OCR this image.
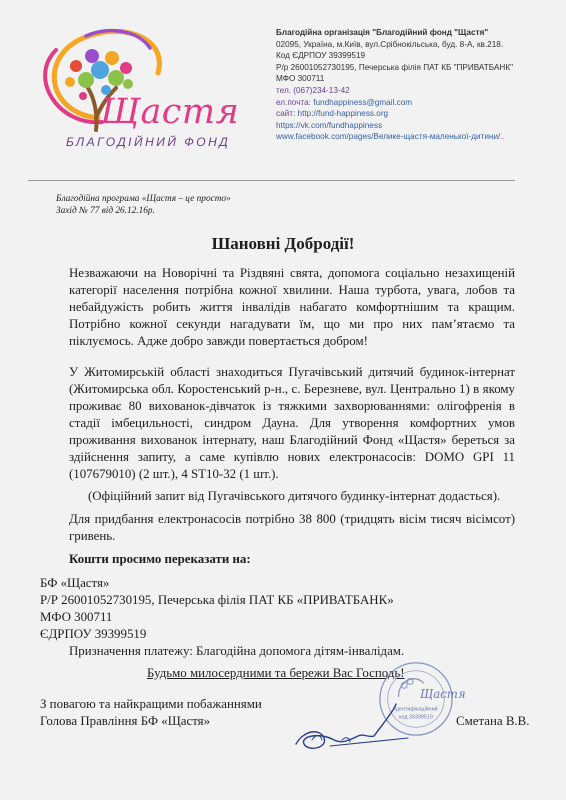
Щастя
БЛАГОДІЙНИЙ ФОНД
Благодійна організація "Благодійний фонд "Щастя"
02095, Україна, м.Київ, вул.Срібнокільська, буд. 8-А, кв.218.
Код ЄДРПОУ 39399519
Р/р 26001052730195, Печерська філія ПАТ КБ "ПРИВАТБАНК"
МФО 300711
тел. (067)234-13-42
ел.почта: fundhappiness@gmail.com
сайт: http://fund-happiness.org
https://vk.com/fundhappiness
www.facebook.com/pages/Велике-щастя-маленької-дитини/..
Благодійна програма «Щастя – це просто»
Захід № 77 від 26.12.16р.
Шановні Добродії!
Незважаючи на Новорічні та Різдвяні свята, допомога соціально незахищеній категорії населення потрібна кожної хвилини. Наша турбота, увага, лобов та небайдужість робить життя інвалідів набагато комфортнішим та кращим. Потрібно кожної секунди нагадувати їм, що ми про них пам’ятаємо та піклуємось. Адже добро завжди повертається добром!
У Житомирській області знаходиться Пугачівський дитячий будинок-інтернат (Житомирська обл. Коростенський р-н., с. Березневе, вул. Центрально 1) в якому проживає 80 вихованок-дівчаток із тяжкими захворюваннями: олігофренія в стадії імбецильності, синдром Дауна. Для утворення комфортних умов проживання вихованок інтернату, наш Благодійний Фонд «Щастя» береться за здійснення запиту, а саме купівлю нових електронасосів: DOMO GPI 11 (107679010) (2 шт.), 4 ST10-32 (1 шт.).
(Офіційний запит від Пугачівського дитячого будинку-інтернат додасться).
Для придбання електронасосів потрібно 38 800 (тридцять вісім тисяч вісімсот) гривень.
Кошти просимо переказати на:
БФ «Щастя»
Р/Р 26001052730195, Печерська філія ПАТ КБ «ПРИВАТБАНК»
МФО 300711
ЄДРПОУ 39399519
Призначення платежу: Благодійна допомога дітям-інвалідам.
Будьмо милосердними та бережи Вас Господь!
З повагою та найкращими побажаннями
Голова Правління БФ «Щастя»	Сметана В.В.
Щастя
Ідентифікаційний
код 39399519
